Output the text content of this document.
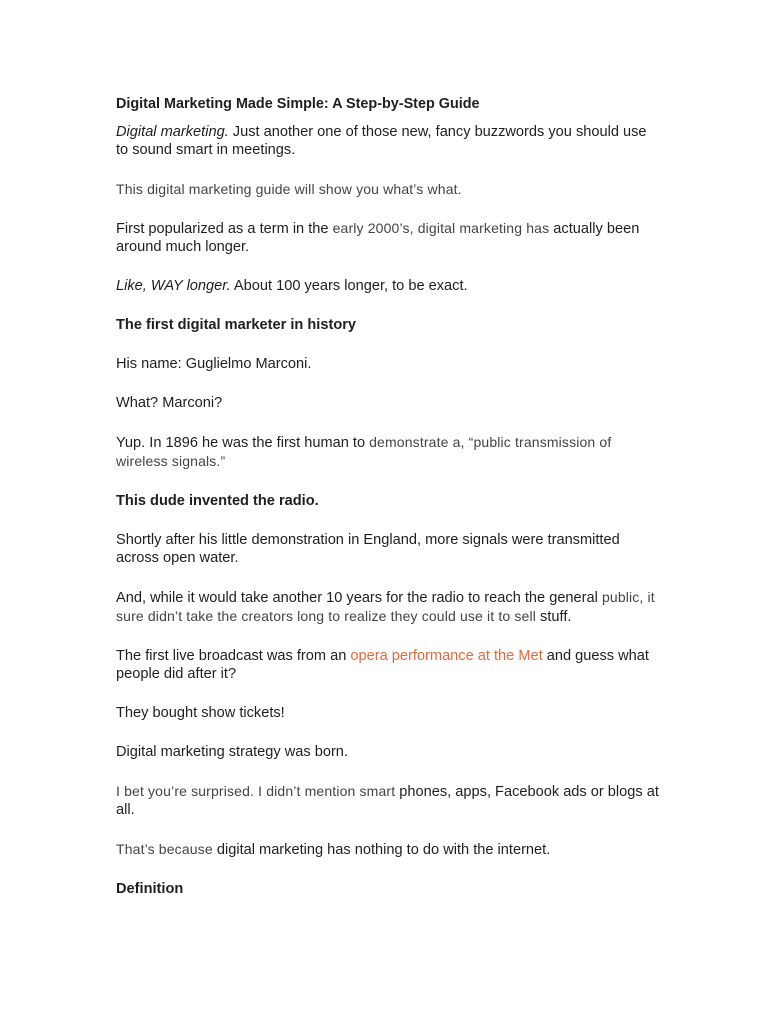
Digital Marketing Made Simple: A Step-by-Step Guide

Digital marketing. Just another one of those new, fancy buzzwords you should use to sound smart in meetings.

This digital marketing guide will show you what’s what.

First popularized as a term in the early 2000’s, digital marketing has actually been around much longer.

Like, WAY longer. About 100 years longer, to be exact.

The first digital marketer in history

His name: Guglielmo Marconi.

What? Marconi?

Yup. In 1896 he was the first human to demonstrate a, “public transmission of wireless signals.”

This dude invented the radio.

Shortly after his little demonstration in England, more signals were transmitted across open water.

And, while it would take another 10 years for the radio to reach the general public, it sure didn’t take the creators long to realize they could use it to sell stuff.

The first live broadcast was from an opera performance at the Met and guess what people did after it?

They bought show tickets!

Digital marketing strategy was born.

I bet you’re surprised. I didn’t mention smart phones, apps, Facebook ads or blogs at all.

That’s because digital marketing has nothing to do with the internet.

Definition
